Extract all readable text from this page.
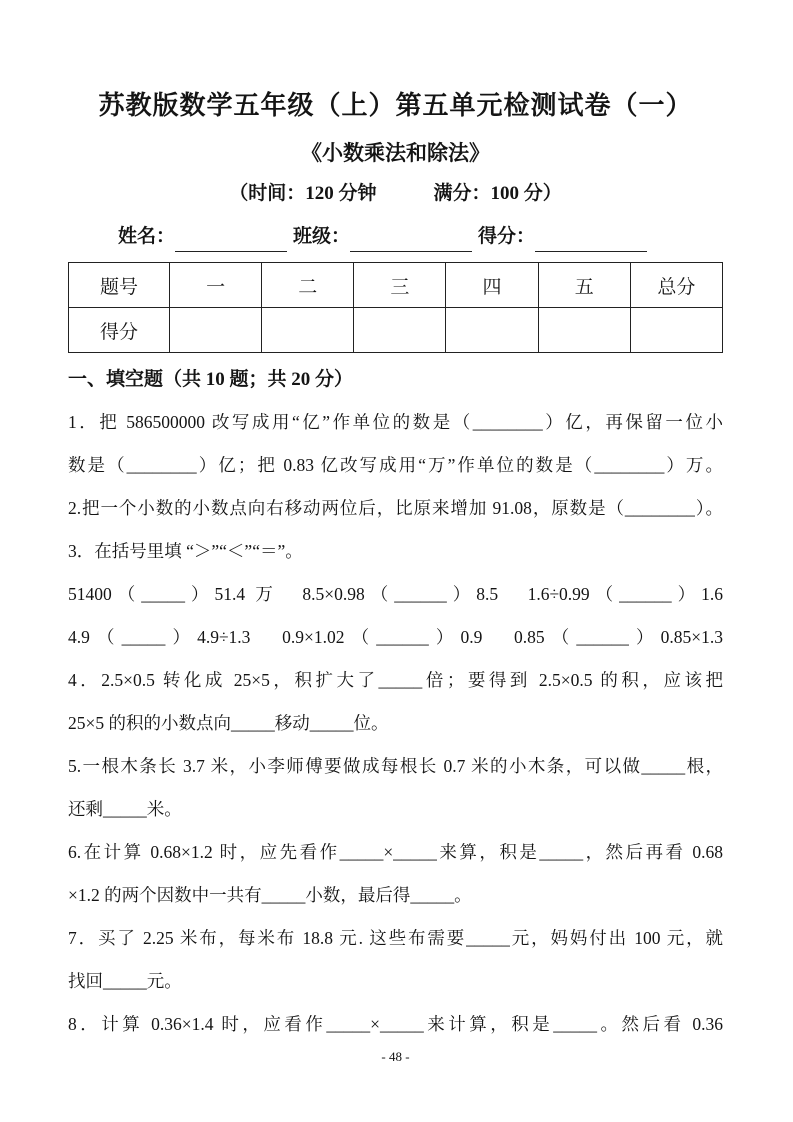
苏教版数学五年级（上）第五单元检测试卷（一）
《小数乘法和除法》
（时间：120 分钟　　　满分：100 分）
姓名：	班级：	得分：
题号	一	二	三	四	五	总分
得分						
一、填空题（共 10 题；共 20 分）
1．把 586500000 改写成用“亿”作单位的数是（________）亿，再保留一位小
数是（________）亿；把 0.83 亿改写成用“万”作单位的数是（________）万。
2.把一个小数的小数点向右移动两位后，比原来增加 91.08，原数是（________）。
3．在括号里填 “＞”“＜”“＝”。
51400（_____）51.4 万　8.5×0.98（______）8.5　1.6÷0.99（______）1.6
4.9（_____）4.9÷1.3　0.9×1.02（______）0.9　0.85（______）0.85×1.3
4．2.5×0.5 转化成 25×5，积扩大了_____倍；要得到 2.5×0.5 的积，应该把
25×5 的积的小数点向_____移动_____位。
5.一根木条长 3.7 米，小李师傅要做成每根长 0.7 米的小木条，可以做_____根，
还剩_____米。
6.在计算 0.68×1.2 时，应先看作_____×_____来算，积是_____，然后再看 0.68
×1.2 的两个因数中一共有_____小数，最后得_____。
7．买了 2.25 米布，每米布 18.8 元. 这些布需要_____元，妈妈付出 100 元，就
找回_____元。
8．计算 0.36×1.4 时，应看作_____×_____来计算，积是_____。然后看 0.36
- 48 -
